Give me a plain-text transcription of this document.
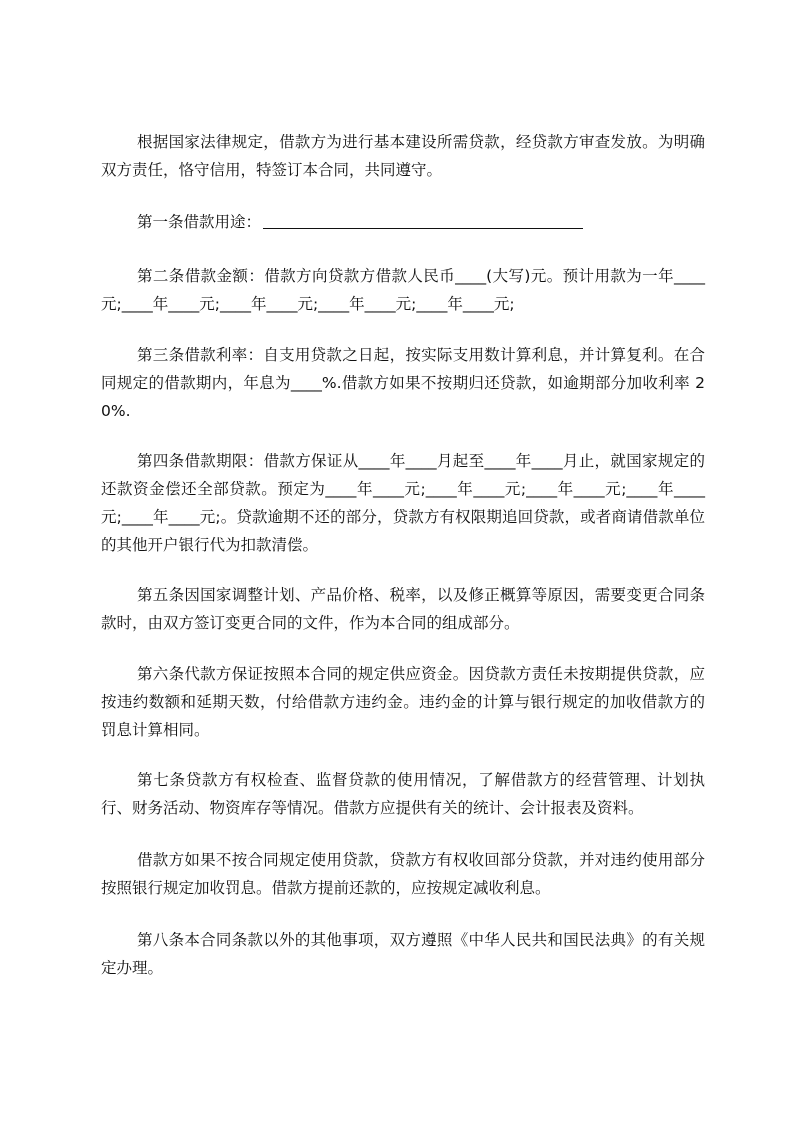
根据国家法律规定，借款方为进行基本建设所需贷款，经贷款方审查发放。为明确双方责任，恪守信用，特签订本合同，共同遵守。

第一条借款用途：

第二条借款金额：借款方向贷款方借款人民币____(大写)元。预计用款为一年____元;____年____元;____年____元;____年____元;____年____元;

第三条借款利率：自支用贷款之日起，按实际支用数计算利息，并计算复利。在合同规定的借款期内，年息为____%.借款方如果不按期归还贷款，如逾期部分加收利率 20%.

第四条借款期限：借款方保证从____年____月起至____年____月止，就国家规定的还款资金偿还全部贷款。预定为____年____元;____年____元;____年____元;____年____元;____年____元;。贷款逾期不还的部分，贷款方有权限期追回贷款，或者商请借款单位的其他开户银行代为扣款清偿。

第五条因国家调整计划、产品价格、税率，以及修正概算等原因，需要变更合同条款时，由双方签订变更合同的文件，作为本合同的组成部分。

第六条代款方保证按照本合同的规定供应资金。因贷款方责任未按期提供贷款，应按违约数额和延期天数，付给借款方违约金。违约金的计算与银行规定的加收借款方的罚息计算相同。

第七条贷款方有权检查、监督贷款的使用情况，了解借款方的经营管理、计划执行、财务活动、物资库存等情况。借款方应提供有关的统计、会计报表及资料。

借款方如果不按合同规定使用贷款，贷款方有权收回部分贷款，并对违约使用部分按照银行规定加收罚息。借款方提前还款的，应按规定减收利息。

第八条本合同条款以外的其他事项，双方遵照《中华人民共和国民法典》的有关规定办理。
